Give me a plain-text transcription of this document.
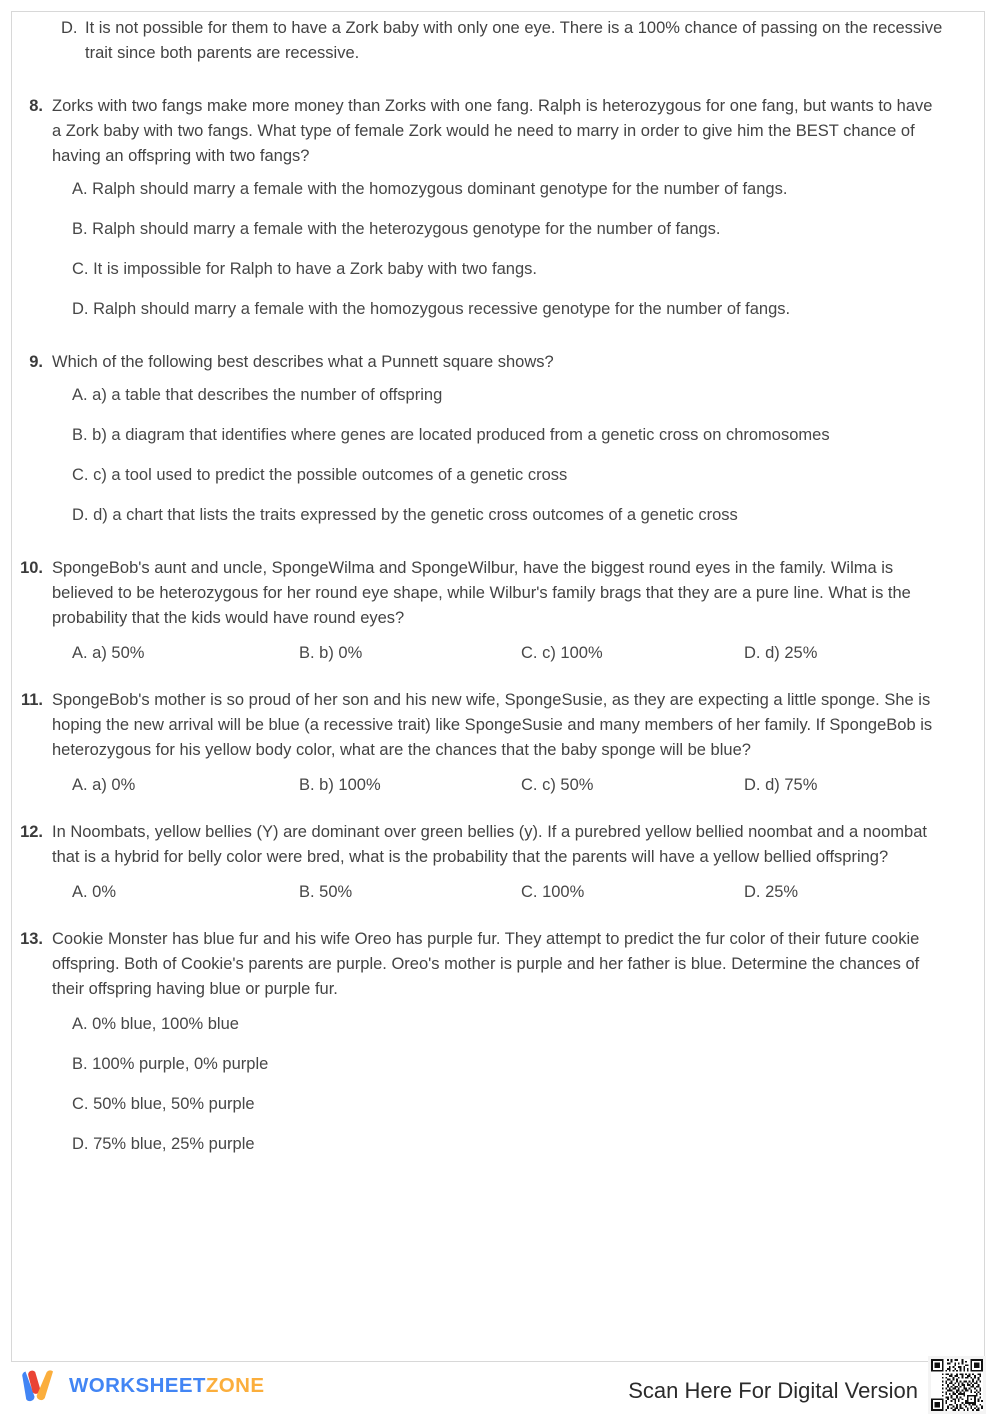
D. It is not possible for them to have a Zork baby with only one eye. There is a 100% chance of passing on the recessive trait since both parents are recessive.
8. Zorks with two fangs make more money than Zorks with one fang. Ralph is heterozygous for one fang, but wants to have a Zork baby with two fangs. What type of female Zork would he need to marry in order to give him the BEST chance of having an offspring with two fangs?
A. Ralph should marry a female with the homozygous dominant genotype for the number of fangs.
B. Ralph should marry a female with the heterozygous genotype for the number of fangs.
C. It is impossible for Ralph to have a Zork baby with two fangs.
D. Ralph should marry a female with the homozygous recessive genotype for the number of fangs.
9. Which of the following best describes what a Punnett square shows?
A. a) a table that describes the number of offspring
B. b) a diagram that identifies where genes are located produced from a genetic cross on chromosomes
C. c) a tool used to predict the possible outcomes of a genetic cross
D. d) a chart that lists the traits expressed by the genetic cross outcomes of a genetic cross
10. SpongeBob's aunt and uncle, SpongeWilma and SpongeWilbur, have the biggest round eyes in the family. Wilma is believed to be heterozygous for her round eye shape, while Wilbur's family brags that they are a pure line. What is the probability that the kids would have round eyes?
A. a) 50%	B. b) 0%	C. c) 100%	D. d) 25%
11. SpongeBob's mother is so proud of her son and his new wife, SpongeSusie, as they are expecting a little sponge. She is hoping the new arrival will be blue (a recessive trait) like SpongeSusie and many members of her family. If SpongeBob is heterozygous for his yellow body color, what are the chances that the baby sponge will be blue?
A. a) 0%	B. b) 100%	C. c) 50%	D. d) 75%
12. In Noombats, yellow bellies (Y) are dominant over green bellies (y). If a purebred yellow bellied noombat and a noombat that is a hybrid for belly color were bred, what is the probability that the parents will have a yellow bellied offspring?
A. 0%	B. 50%	C. 100%	D. 25%
13. Cookie Monster has blue fur and his wife Oreo has purple fur. They attempt to predict the fur color of their future cookie offspring. Both of Cookie's parents are purple. Oreo's mother is purple and her father is blue. Determine the chances of their offspring having blue or purple fur.
A. 0% blue, 100% blue
B. 100% purple, 0% purple
C. 50% blue, 50% purple
D. 75% blue, 25% purple
WORKSHEETZONE	Scan Here For Digital Version
